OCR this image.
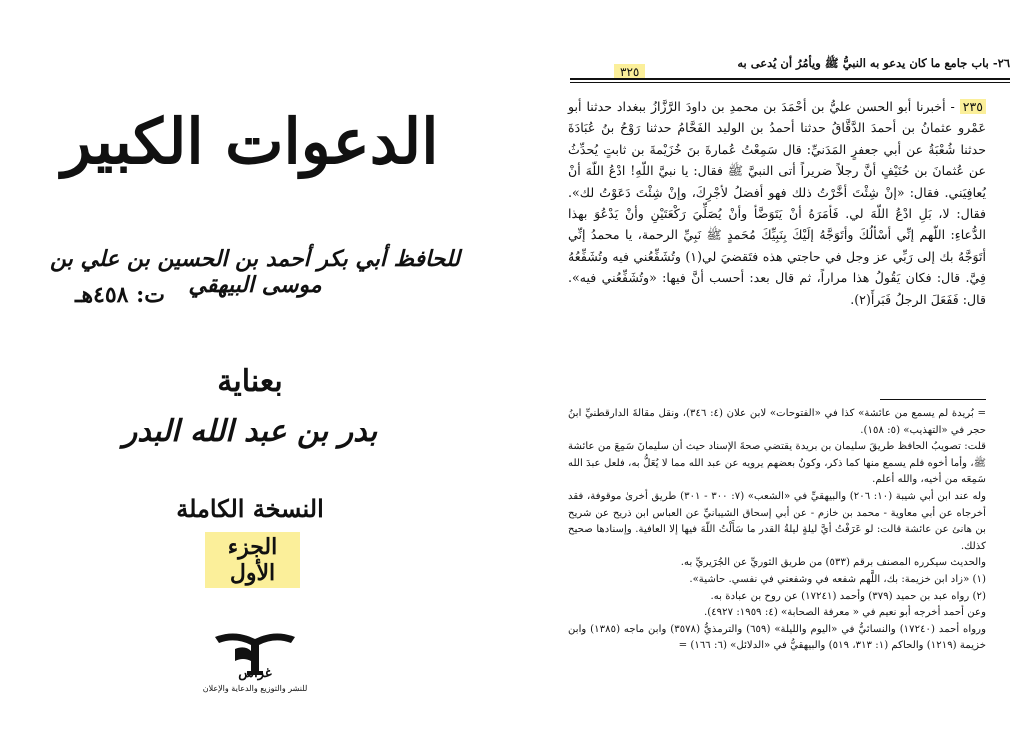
الدعوات الكبير
للحافظ أبي بكر أحمد بن الحسين بن علي بن موسى البيهقي
ت: ٤٥٨هـ
بعناية
بدر بن عبد الله البدر
النسخة الكاملة
الجزء الأول
غراس
للنشر والتوزيع والدعاية والإعلان
٢٦- باب جامع ما كان يدعو به النبيُّ ﷺ ويأمُرُ أن يُدعى به
٣٢٥
٢٣٥ - أخبرنا أبو الحسن عليُّ بن أحْمَدَ بن محمدِ بن داودَ الرَّزَّازُ ببغداد حدثنا أبو عَمْرو عثمانُ بن أحمدَ الدَّقَّاقُ حدثنا أحمدُ بن الوليد الفَحَّامُ حدثنا رَوْحُ بنُ عُبَادَةَ حدثنا شُعْبَةُ عن أبي جعفرٍ المَدَنيِّ: قال سَمِعْتُ عُمارةَ بنَ خُزَيْمةَ بن ثابتٍ يُحدِّثُ عن عُثمانَ بن حُنَيْفٍ أنَّ رجلاً ضريراً أتى النبيَّ ﷺ فقال: يا نبيَّ اللّهِ! ادْعُ اللّهَ أنْ يُعافِيَني. فقال: «إنْ شِئْتَ أخَّرْتُ ذلك فهو أفضلُ لأجْرِكَ، وإنْ شِئْتَ دَعَوْتُ لك». فقال: لا، بَلِ ادْعُ اللّهَ لي. فَأمَرَهُ أنْ يَتَوَضَّأ وأنْ يُصَلِّيَ رَكْعَتَيْنِ وأنْ يَدْعُوَ بهذا الدُّعاءِ: اللّهم إنِّي أسْألُكَ وأتَوَجَّهُ إلَيْكَ بِنَبِيِّكَ مُحَمدٍ ﷺ نَبِيِّ الرحمة، يا محمدُ إنِّي أتَوَجَّهُ بك إلى رَبِّي عز وجل في حاجتي هذه فتَقضيَ لي(١) وتُشَفِّعُني فيه وتُشَفِّعُهُ فِيَّ. قال: فكان يَقُولُ هذا مراراً، ثم قال بعد: أحسب أنَّ فيها: «وتُشَفِّعُني فيه». قال: فَفَعَلَ الرجلُ فَبَرأَ(٢).

= بُريدة لم يسمع من عائشة» كذا في «الفتوحات» لابن علان (٤: ٣٤٦)، ونقل مقالةَ الدارقطنيِّ ابنُ حجر في «التهذيب» (٥: ١٥٨).

قلت: تصويبُ الحافظ طريقَ سليمان بن بريدة يقتضي صحةَ الإسناد حيث أن سليمانَ سَمِعَ من عائشة ﷺ، وأما أخوه فلم يسمع منها كما ذكر، وكونُ بعضهم يرويه عن عبد الله مما لا يُعَلُّ به، فلعل عبدَ الله سَمِعَه من أخيه، والله أعلم.

وله عند ابن أبي شيبة (١٠: ٢٠٦) والبيهقيِّ في «الشعب» (٧: ٣٠٠ - ٣٠١) طريق أخرىٰ موقوفة، فقد أخرجاه عن أبي معاوية - محمد بن خازم - عن أبي إسحاق الشيبانيِّ عن العباس ابن ذريح عن شريح بن هانئ عن عائشة قالت: لو عَرَفْتُ أيَّ ليلةٍ ليلةُ القدر ما سَأَلْتُ اللّهَ فيها إلا العافية. وإسنادها صحيح كذلك.

والحديث سيكرره المصنف برقم (٥٣٣) من طريق الثوريِّ عن الجُرَيريِّ به.

(١) «زاد ابن خزيمة: بك، اللَّهم شفعه في وشفعني في نفسي. حاشية».

(٢) رواه عبد بن حميد (٣٧٩) وأحمد (١٧٢٤١) عن روح بن عبادة به.

وعن أحمد أخرجه أبو نعيم في « معرفة الصحابة» (٤: ١٩٥٩: ٤٩٢٧).

ورواه أحمد (١٧٢٤٠) والنسائيُّ في «اليوم والليلة» (٦٥٩) والترمذيُّ (٣٥٧٨) وابن ماجه (١٣٨٥) وابن خزيمة (١٢١٩) والحاكم (١: ٣١٣، ٥١٩) والبيهقيُّ في «الدلائل» (٦: ١٦٦) =
